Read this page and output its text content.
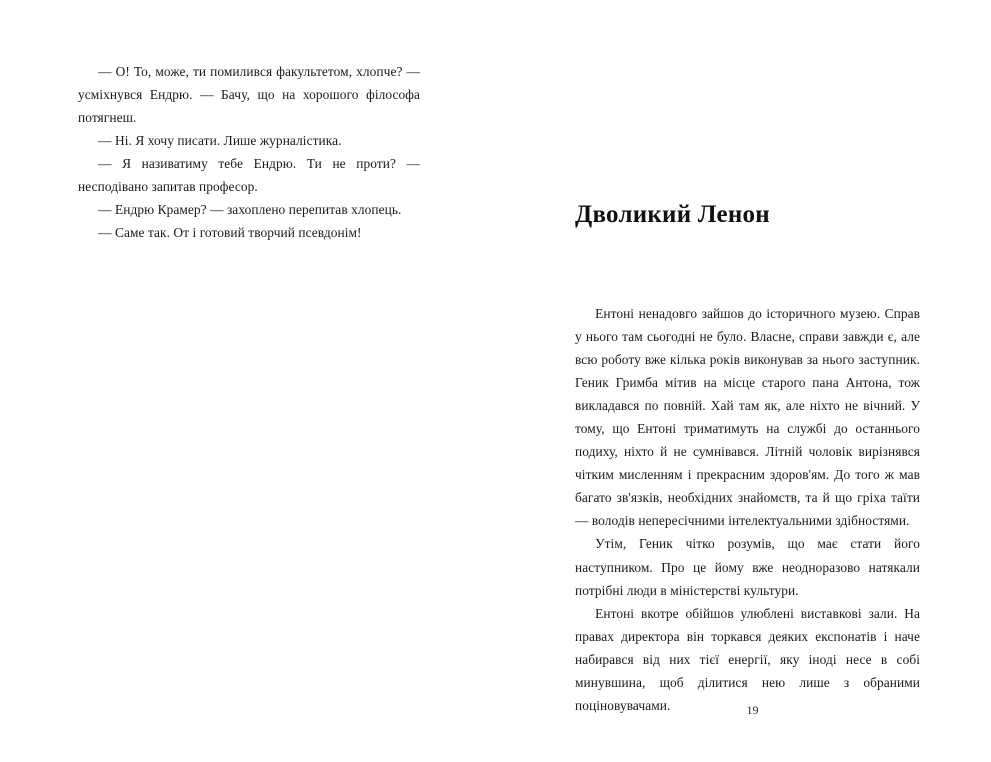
— О! То, може, ти помилився факультетом, хлопче? — усміхнувся Ендрю. — Бачу, що на хорошого філософа потягнеш.

— Ні. Я хочу писати. Лише журналістика.

— Я називатиму тебе Ендрю. Ти не проти? — несподівано запитав професор.

— Ендрю Крамер? — захоплено перепитав хлопець.

— Саме так. От і готовий творчий псевдонім!

Дволикий Ленон

Ентоні ненадовго зайшов до історичного музею. Справ у нього там сьогодні не було. Власне, справи завжди є, але всю роботу вже кілька років виконував за нього заступник. Геник Гримба мітив на місце старого пана Антона, тож викладався по повній. Хай там як, але ніхто не вічний. У тому, що Ентоні триматимуть на службі до останнього подиху, ніхто й не сумнівався. Літній чоловік вирізнявся чітким мисленням і прекрасним здоров'ям. До того ж мав багато зв'язків, необхідних знайомств, та й що гріха таїти — володів непересічними інтелектуальними здібностями.

Утім, Геник чітко розумів, що має стати його наступником. Про це йому вже неодноразово натякали потрібні люди в міністерстві культури.

Ентоні вкотре обійшов улюблені виставкові зали. На правах директора він торкався деяких експонатів і наче набирався від них тієї енергії, яку іноді несе в собі минувшина, щоб ділитися нею лише з обраними поціновувачами.	19
